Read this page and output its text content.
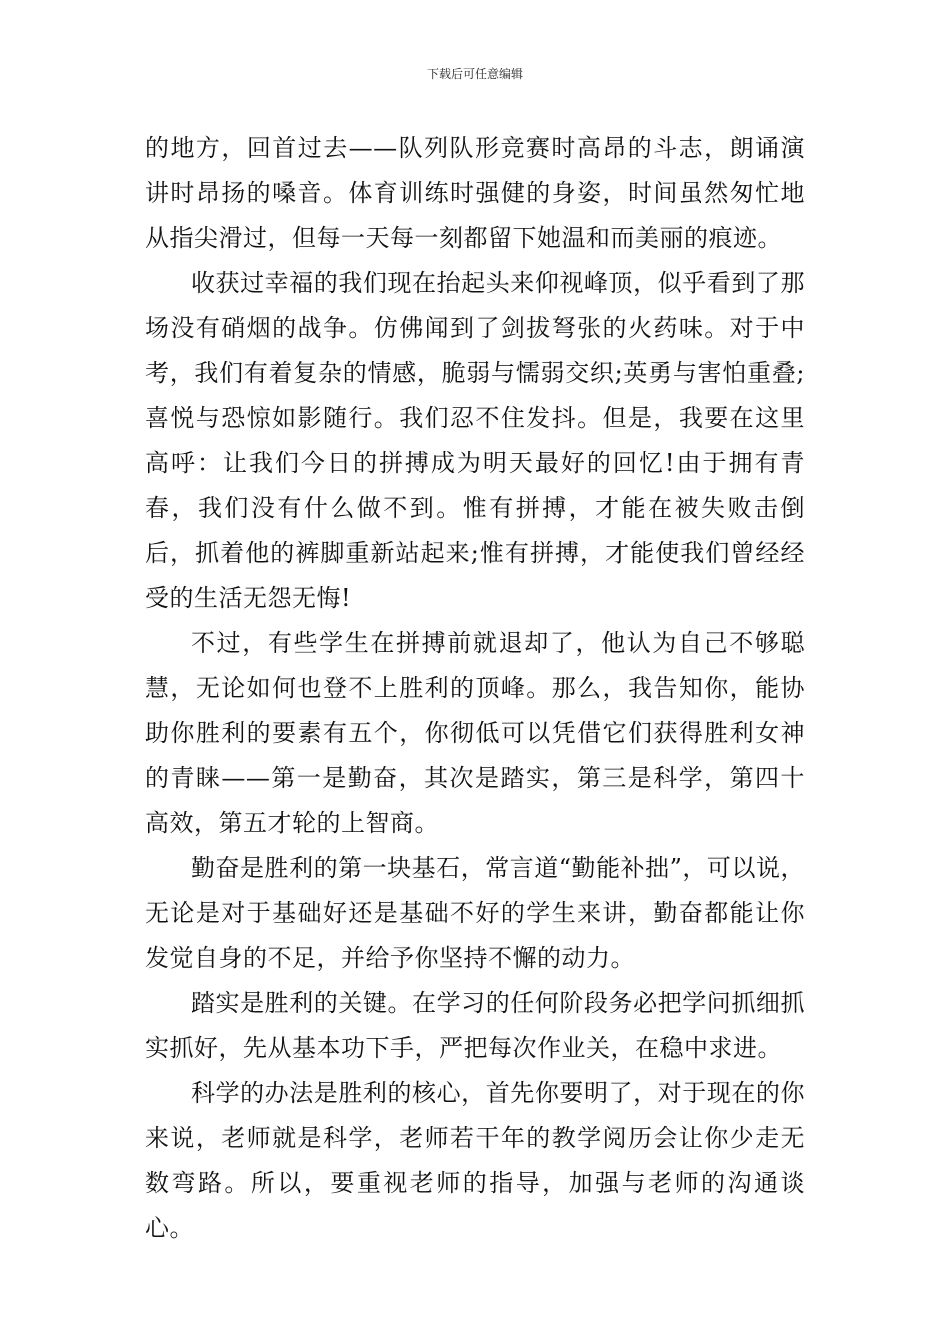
下载后可任意编辑

的地方，回首过去——队列队形竞赛时高昂的斗志，朗诵演讲时昂扬的嗓音。体育训练时强健的身姿，时间虽然匆忙地从指尖滑过，但每一天每一刻都留下她温和而美丽的痕迹。

收获过幸福的我们现在抬起头来仰视峰顶，似乎看到了那场没有硝烟的战争。仿佛闻到了剑拔弩张的火药味。对于中考，我们有着复杂的情感，脆弱与懦弱交织;英勇与害怕重叠;喜悦与恐惊如影随行。我们忍不住发抖。但是，我要在这里高呼：让我们今日的拼搏成为明天最好的回忆!由于拥有青春，我们没有什么做不到。惟有拼搏，才能在被失败击倒后，抓着他的裤脚重新站起来;惟有拼搏，才能使我们曾经经受的生活无怨无悔!

不过，有些学生在拼搏前就退却了，他认为自己不够聪慧，无论如何也登不上胜利的顶峰。那么，我告知你，能协助你胜利的要素有五个，你彻低可以凭借它们获得胜利女神的青睐——第一是勤奋，其次是踏实，第三是科学，第四十高效，第五才轮的上智商。

勤奋是胜利的第一块基石，常言道“勤能补拙”，可以说，无论是对于基础好还是基础不好的学生来讲，勤奋都能让你发觉自身的不足，并给予你坚持不懈的动力。

踏实是胜利的关键。在学习的任何阶段务必把学问抓细抓实抓好，先从基本功下手，严把每次作业关，在稳中求进。

科学的办法是胜利的核心，首先你要明了，对于现在的你来说，老师就是科学，老师若干年的教学阅历会让你少走无数弯路。所以，要重视老师的指导，加强与老师的沟通谈心。
